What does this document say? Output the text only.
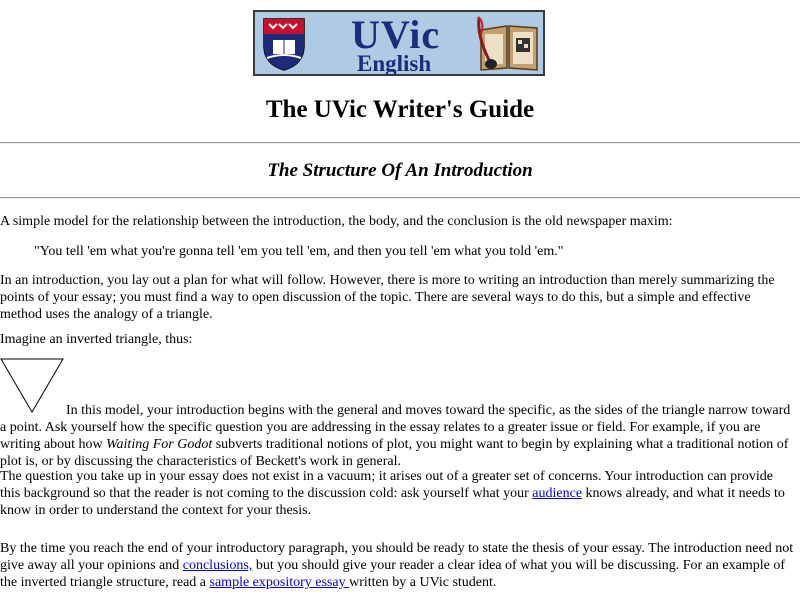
UVic
English
The UVic Writer's Guide
The Structure Of An Introduction

A simple model for the relationship between the introduction, the body, and the conclusion is the old newspaper maxim:

"You tell 'em what you're gonna tell 'em you tell 'em, and then you tell 'em what you told 'em."

In an introduction, you lay out a plan for what will follow. However, there is more to writing an introduction than merely summarizing the points of your essay; you must find a way to open discussion of the topic. There are several ways to do this, but a simple and effective method uses the analogy of a triangle.

Imagine an inverted triangle, thus:

In this model, your introduction begins with the general and moves toward the specific, as the sides of the triangle narrow toward a point. Ask yourself how the specific question you are addressing in the essay relates to a greater issue or field. For example, if you are writing about how Waiting For Godot subverts traditional notions of plot, you might want to begin by explaining what a traditional notion of plot is, or by discussing the characteristics of Beckett's work in general.

The question you take up in your essay does not exist in a vacuum; it arises out of a greater set of concerns. Your introduction can provide this background so that the reader is not coming to the discussion cold: ask yourself what your audience knows already, and what it needs to know in order to understand the context for your thesis.

By the time you reach the end of your introductory paragraph, you should be ready to state the thesis of your essay. The introduction need not give away all your opinions and conclusions, but you should give your reader a clear idea of what you will be discussing. For an example of the inverted triangle structure, read a sample expository essay written by a UVic student.
